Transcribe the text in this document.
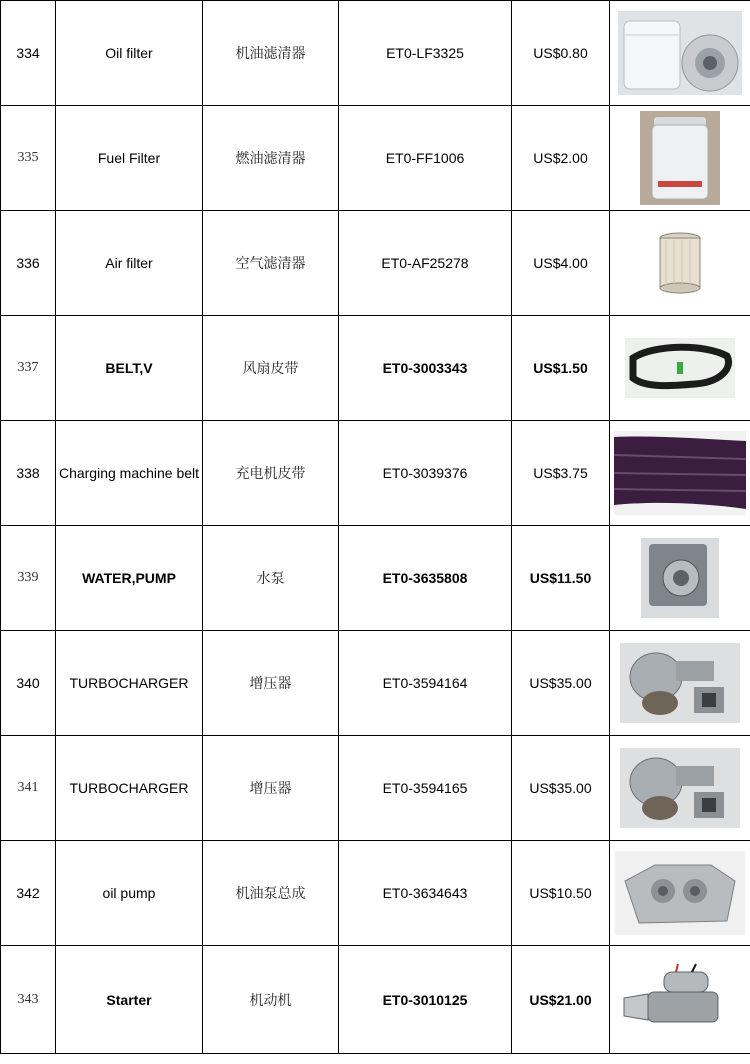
334	Oil filter	机油滤清器	ET0-LF3325	US$0.80	

335	Fuel Filter	燃油滤清器	ET0-FF1006	US$2.00	

336	Air filter	空气滤清器	ET0-AF25278	US$4.00	

337	BELT,V	风扇皮带	ET0-3003343	US$1.50	

338	Charging machine belt	充电机皮带	ET0-3039376	US$3.75	

339	WATER,PUMP	水泵	ET0-3635808	US$11.50	

340	TURBOCHARGER	增压器	ET0-3594164	US$35.00	

341	TURBOCHARGER	增压器	ET0-3594165	US$35.00	

342	oil pump	机油泵总成	ET0-3634643	US$10.50	

343	Starter	机动机	ET0-3010125	US$21.00	
